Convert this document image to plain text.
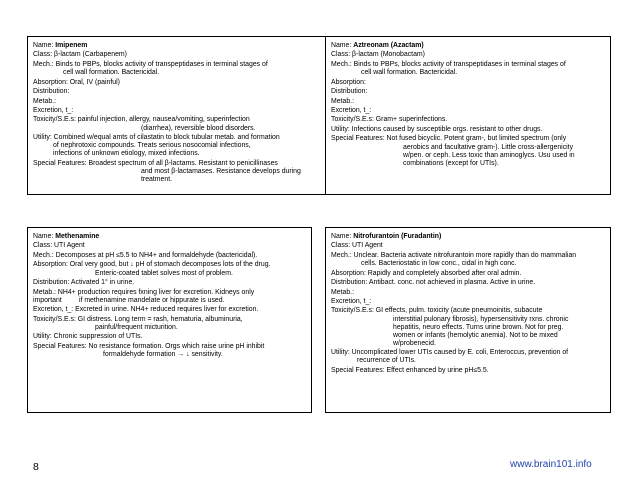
Name: Imipenem
Class: β-lactam (Carbapenem)
Mech.: Binds to PBPs, blocks activity of transpeptidases in terminal stages of
cell wall formation. Bactericidal.
Absorption: Oral, IV (painful)
Distribution:
Metab.:
Excretion, t_:
Toxicity/S.E.s: painful injection, allergy, nausea/vomiting, superinfection
(diarrhea), reversible blood disorders.
Utility: Combined w/equal amts of cilastatin to block tubular metab. and formation
of nephrotoxic compounds. Treats serious nosocomial infections,
infections of unknown etiology, mixed infections.
Special Features: Broadest spectrum of all β-lactams. Resistant to penicillinases
and most β-lactamases. Resistance develops during
treatment.
Name: Aztreonam (Azactam)
Class: β-lactam (Monobactam)
Mech.: Binds to PBPs, blocks activity of transpeptidases in terminal stages of
cell wall formation. Bactericidal.
Absorption:
Distribution:
Metab.:
Excretion, t_:
Toxicity/S.E.s: Gram+ superinfections.
Utility: Infections caused by susceptible orgs. resistant to other drugs.
Special Features: Not fused bicyclic. Potent gram-, but limited spectrum (only
aerobics and facultative gram-). Little cross-allergenicity
w/pen. or ceph. Less toxic than aminoglycs. Usu used in
combinations (except for UTIs).
Name: Methenamine
Class: UTI Agent
Mech.: Decomposes at pH ≤5.5 to NH4+ and formaldehyde (bactericidal).
Absorption: Oral very good, but ↓ pH of stomach decomposes lots of the drug.
Enteric-coated tablet solves most of problem.
Distribution: Activated 1° in urine.
Metab.: NH4+ production requires fxning liver for excretion. Kidneys only
important         if methenamine mandelate or hippurate is used.
Excretion, t_: Excreted in urine. NH4+ reduced requires liver for excretion.
Toxicity/S.E.s: GI distress. Long term = rash, hematuria, albuminuria,
painful/frequent micturition.
Utility: Chronic suppression of UTIs.
Special Features: No resistance formation. Orgs which raise urine pH inhibit
formaldehyde formation → ↓ sensitivity.
Name: Nitrofurantoin (Furadantin)
Class: UTI Agent
Mech.: Unclear. Bacteria activate nitrofurantoin more rapidly than do mammalian
cells. Bacteriostatic in low conc., cidal in high conc.
Absorption: Rapidly and completely absorbed after oral admin.
Distribution: Antibact. conc. not achieved in plasma. Active in urine.
Metab.:
Excretion, t_:
Toxicity/S.E.s: GI effects, pulm. toxicity (acute pneumoinitis, subacute
interstitial pulonary fibrosis), hypersensitivity rxns. chronic
hepatitis, neuro effects. Turns urine brown. Not for preg.
women or infants (hemolytic anemia). Not to be mixed
w/probenecid.
Utility: Uncomplicated lower UTIs caused by E. coli, Enteroccus, prevention of
recurrence of UTIs.
Special Features: Effect enhanced by urine pH≤5.5.
8	www.brain101.info
